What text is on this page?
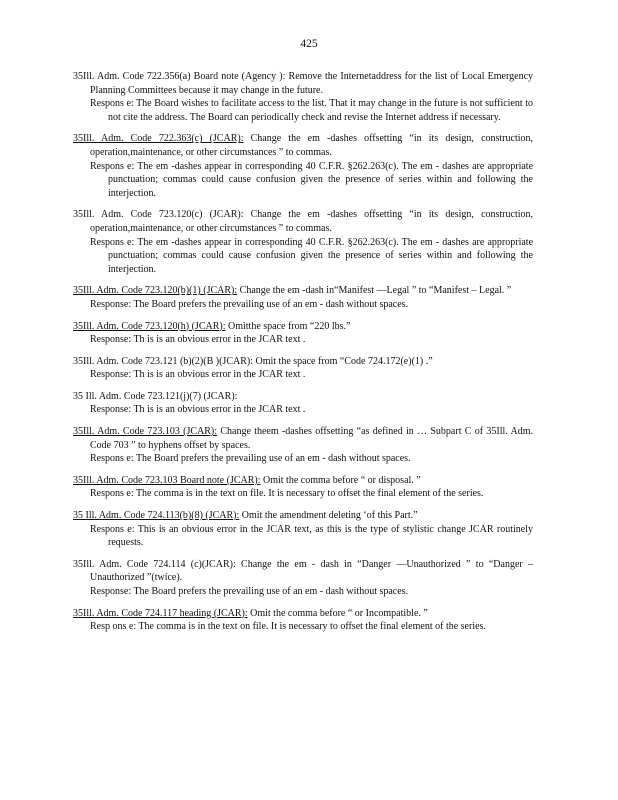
425
35Ill. Adm. Code 722.356(a) Board note (Agency ): Remove the Internetaddress for the list of Local Emergency Planning Committees because it may change in the future.
Respons e: The Board wishes to facilitate access to the list. That it may change in the future is not sufficient to not cite the address. The Board can periodically check and revise the Internet address if necessary.
35Ill. Adm. Code 722.363(c) (JCAR): Change the em -dashes offsetting “in its design, construction, operation,maintenance, or other circumstances ” to commas.
Respons e: The em -dashes appear in corresponding 40 C.F.R. §262.263(c). The em - dashes are appropriate punctuation; commas could cause confusion given the presence of series within and following the interjection.
35Ill. Adm. Code 723.120(c) (JCAR): Change the em -dashes offsetting “in its design, construction, operation,maintenance, or other circumstances ” to commas.
Respons e: The em -dashes appear in corresponding 40 C.F.R. §262.263(c). The em - dashes are appropriate punctuation; commas could cause confusion given the presence of series within and following the interjection.
35Ill. Adm. Code 723.120(b)(1) (JCAR): Change the em -dash in“Manifest —Legal ” to “Manifest – Legal. ”
Response: The Board prefers the prevailing use of an em - dash without spaces.
35Ill. Adm. Code 723.120(h) (JCAR): Omitthe space from “220 lbs.”
Response: Th is is an obvious error in the JCAR text .
35Ill. Adm. Code 723.121 (b)(2)(B )(JCAR): Omit the space from “Code 724.172(e)(1) .”
Response: Th is is an obvious error in the JCAR text .
35 Ill. Adm. Code 723.121(j)(7) (JCAR):
Response: Th is is an obvious error in the JCAR text .
35Ill. Adm. Code 723.103 (JCAR): Change theem -dashes offsetting “as defined in … Subpart C of 35Ill. Adm. Code 703 ” to hyphens offset by spaces.
Respons e: The Board prefers the prevailing use of an em - dash without spaces.
35Ill. Adm. Code 723.103 Board note (JCAR): Omit the comma before “ or disposal. ”
Respons e: The comma is in the text on file. It is necessary to offset the final element of the series.
35 Ill. Adm. Code 724.113(b)(8) (JCAR): Omit the amendment deleting ‘of this Part.”
Respons e: This is an obvious error in the JCAR text, as this is the type of stylistic change JCAR routinely requests.
35Ill. Adm. Code 724.114 (c)(JCAR): Change the em - dash in “Danger —Unauthorized ” to “Danger –Unauthorized ”(twice).
Response: The Board prefers the prevailing use of an em - dash without spaces.
35Ill. Adm. Code 724.117 heading (JCAR): Omit the comma before “ or Incompatible. ”
Resp ons e: The comma is in the text on file. It is necessary to offset the final element of the series.
